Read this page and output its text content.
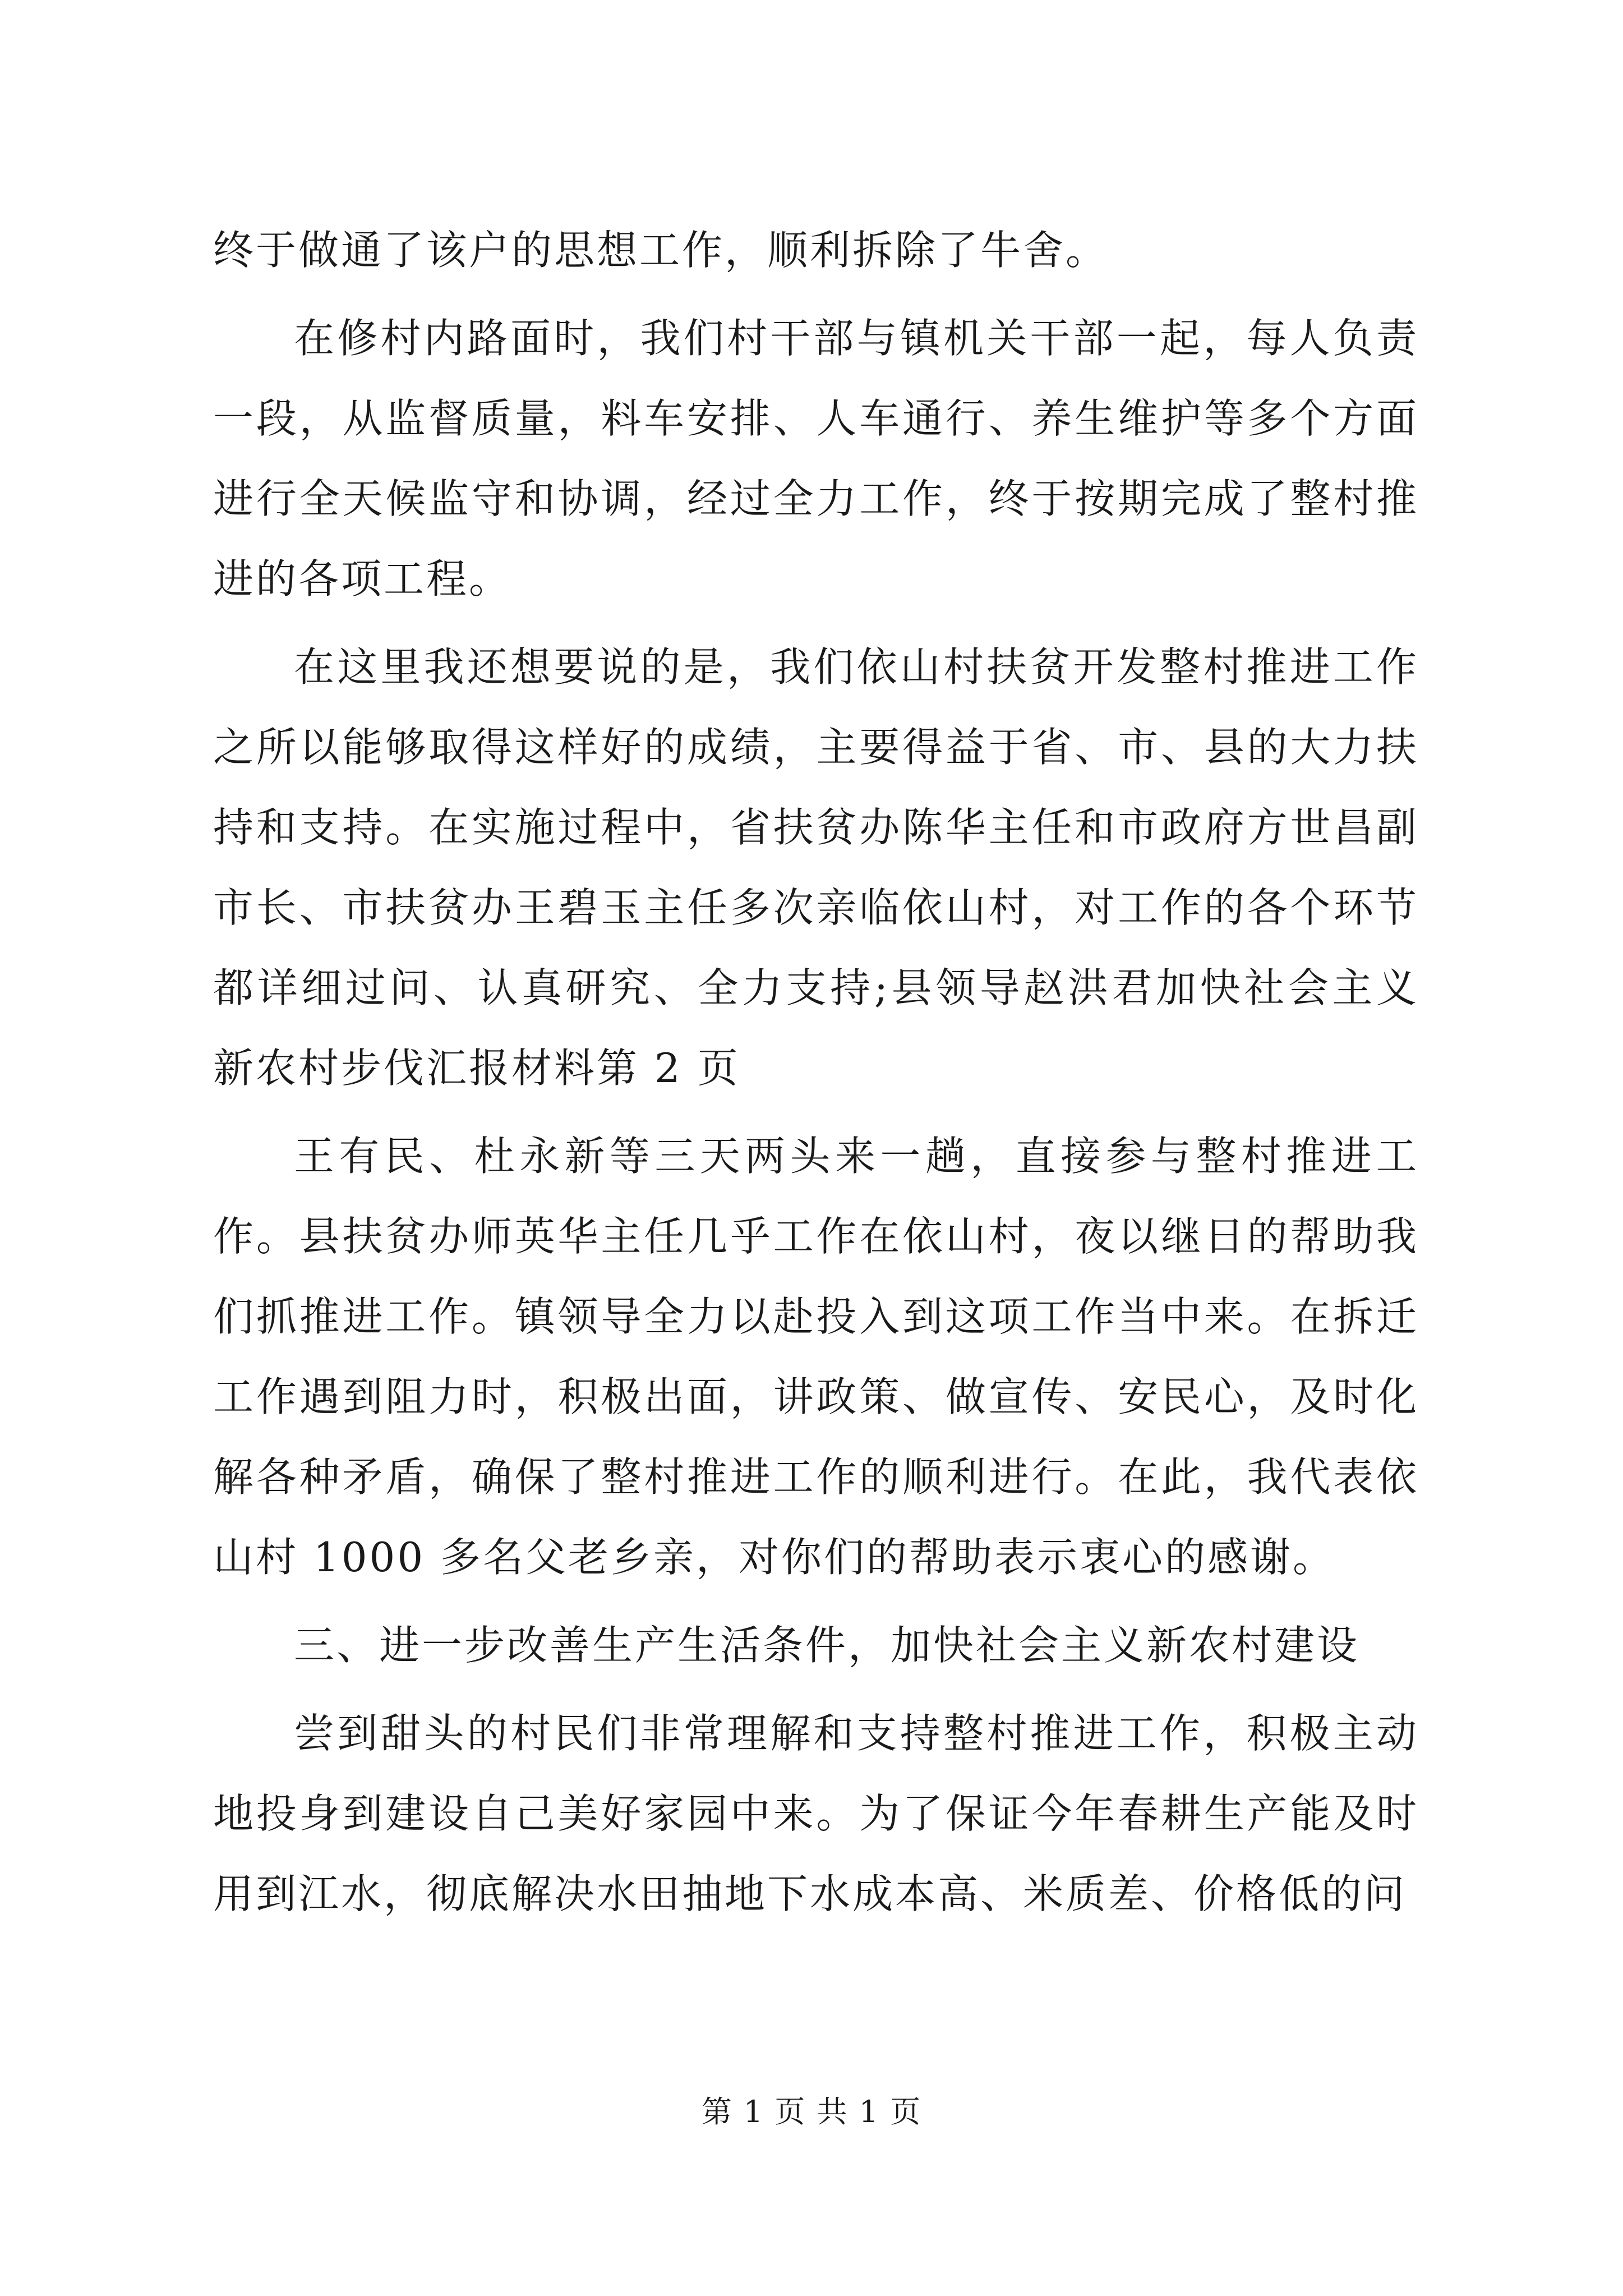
终于做通了该户的思想工作，顺利拆除了牛舍。

在修村内路面时，我们村干部与镇机关干部一起，每人负责一段，从监督质量，料车安排、人车通行、养生维护等多个方面进行全天候监守和协调，经过全力工作，终于按期完成了整村推进的各项工程。

在这里我还想要说的是，我们依山村扶贫开发整村推进工作之所以能够取得这样好的成绩，主要得益于省、市、县的大力扶持和支持。在实施过程中，省扶贫办陈华主任和市政府方世昌副市长、市扶贫办王碧玉主任多次亲临依山村，对工作的各个环节都详细过问、认真研究、全力支持;县领导赵洪君加快社会主义新农村步伐汇报材料第 2 页

王有民、杜永新等三天两头来一趟，直接参与整村推进工作。县扶贫办师英华主任几乎工作在依山村，夜以继日的帮助我们抓推进工作。镇领导全力以赴投入到这项工作当中来。在拆迁工作遇到阻力时，积极出面，讲政策、做宣传、安民心，及时化解各种矛盾，确保了整村推进工作的顺利进行。在此，我代表依山村 1000 多名父老乡亲，对你们的帮助表示衷心的感谢。

三、进一步改善生产生活条件，加快社会主义新农村建设

尝到甜头的村民们非常理解和支持整村推进工作，积极主动地投身到建设自己美好家园中来。为了保证今年春耕生产能及时用到江水，彻底解决水田抽地下水成本高、米质差、价格低的问

第 1 页 共 1 页
